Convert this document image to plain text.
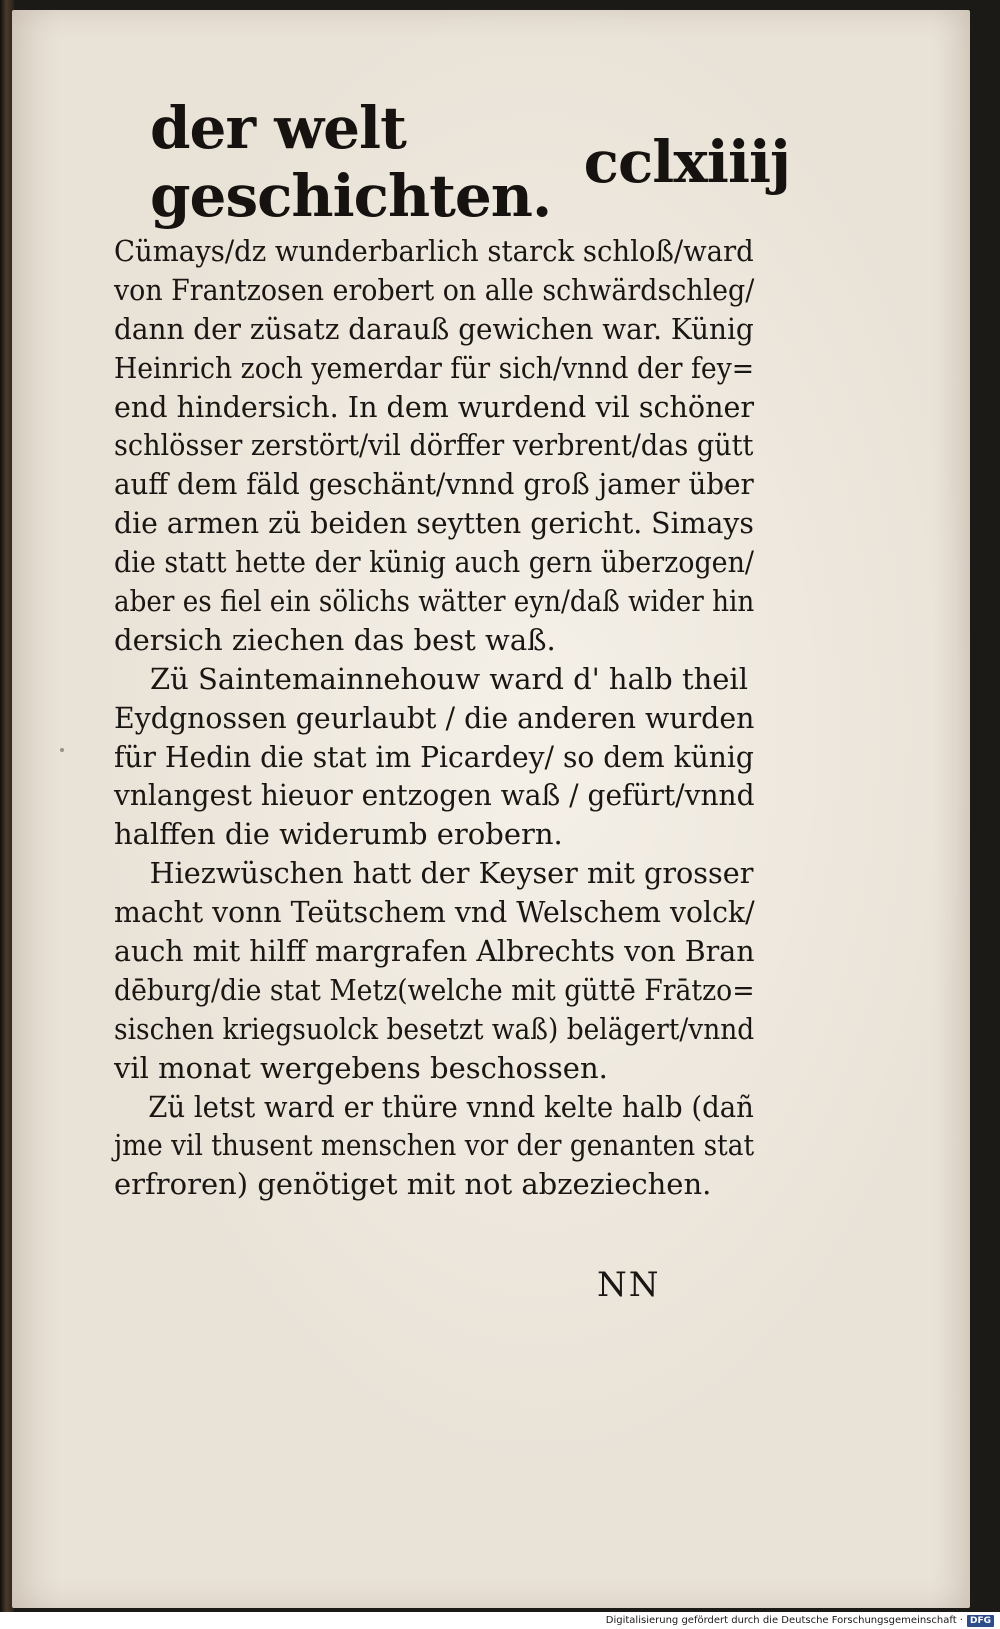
der welt geschichten. cclxiiij
Cümays/dz wunderbarlich starck schloß/ward
von Frantzosen erobert on alle schwärdschleg/
dann der züsatz darauß gewichen war. Künig
Heinrich zoch yemerdar für sich/vnnd der fey=
end hindersich. In dem wurdend vil schöner
schlösser zerstört/vil dörffer verbrent/das gütt
auff dem fäld geschänt/vnnd groß jamer über
die armen zü beiden seytten gericht. Simays
die statt hette der künig auch gern überzogen/
aber es fiel ein sölichs wätter eyn/daß wider hin
dersich ziechen das best waß.
Zü Saintemainnehouw ward d' halb theil
Eydgnossen geurlaubt / die anderen wurden
für Hedin die stat im Picardey/ so dem künig
vnlangest hieuor entzogen waß / gefürt/vnnd
halffen die widerumb erobern.
Hiezwüschen hatt der Keyser mit grosser
macht vonn Teütschem vnd Welschem volck/
auch mit hilff margrafen Albrechts von Bran
dēburg/die stat Metz(welche mit güttē Frātzo=
sischen kriegsuolck besetzt waß) belägert/vnnd
vil monat wergebens beschossen.
Zü letst ward er thüre vnnd kelte halb (dañ
jme vil thusent menschen vor der genanten stat
erfroren) genötiget mit not abzeziechen.
NN
Digitalisierung gefördert durch die Deutsche Forschungsgemeinschaft · DFG
